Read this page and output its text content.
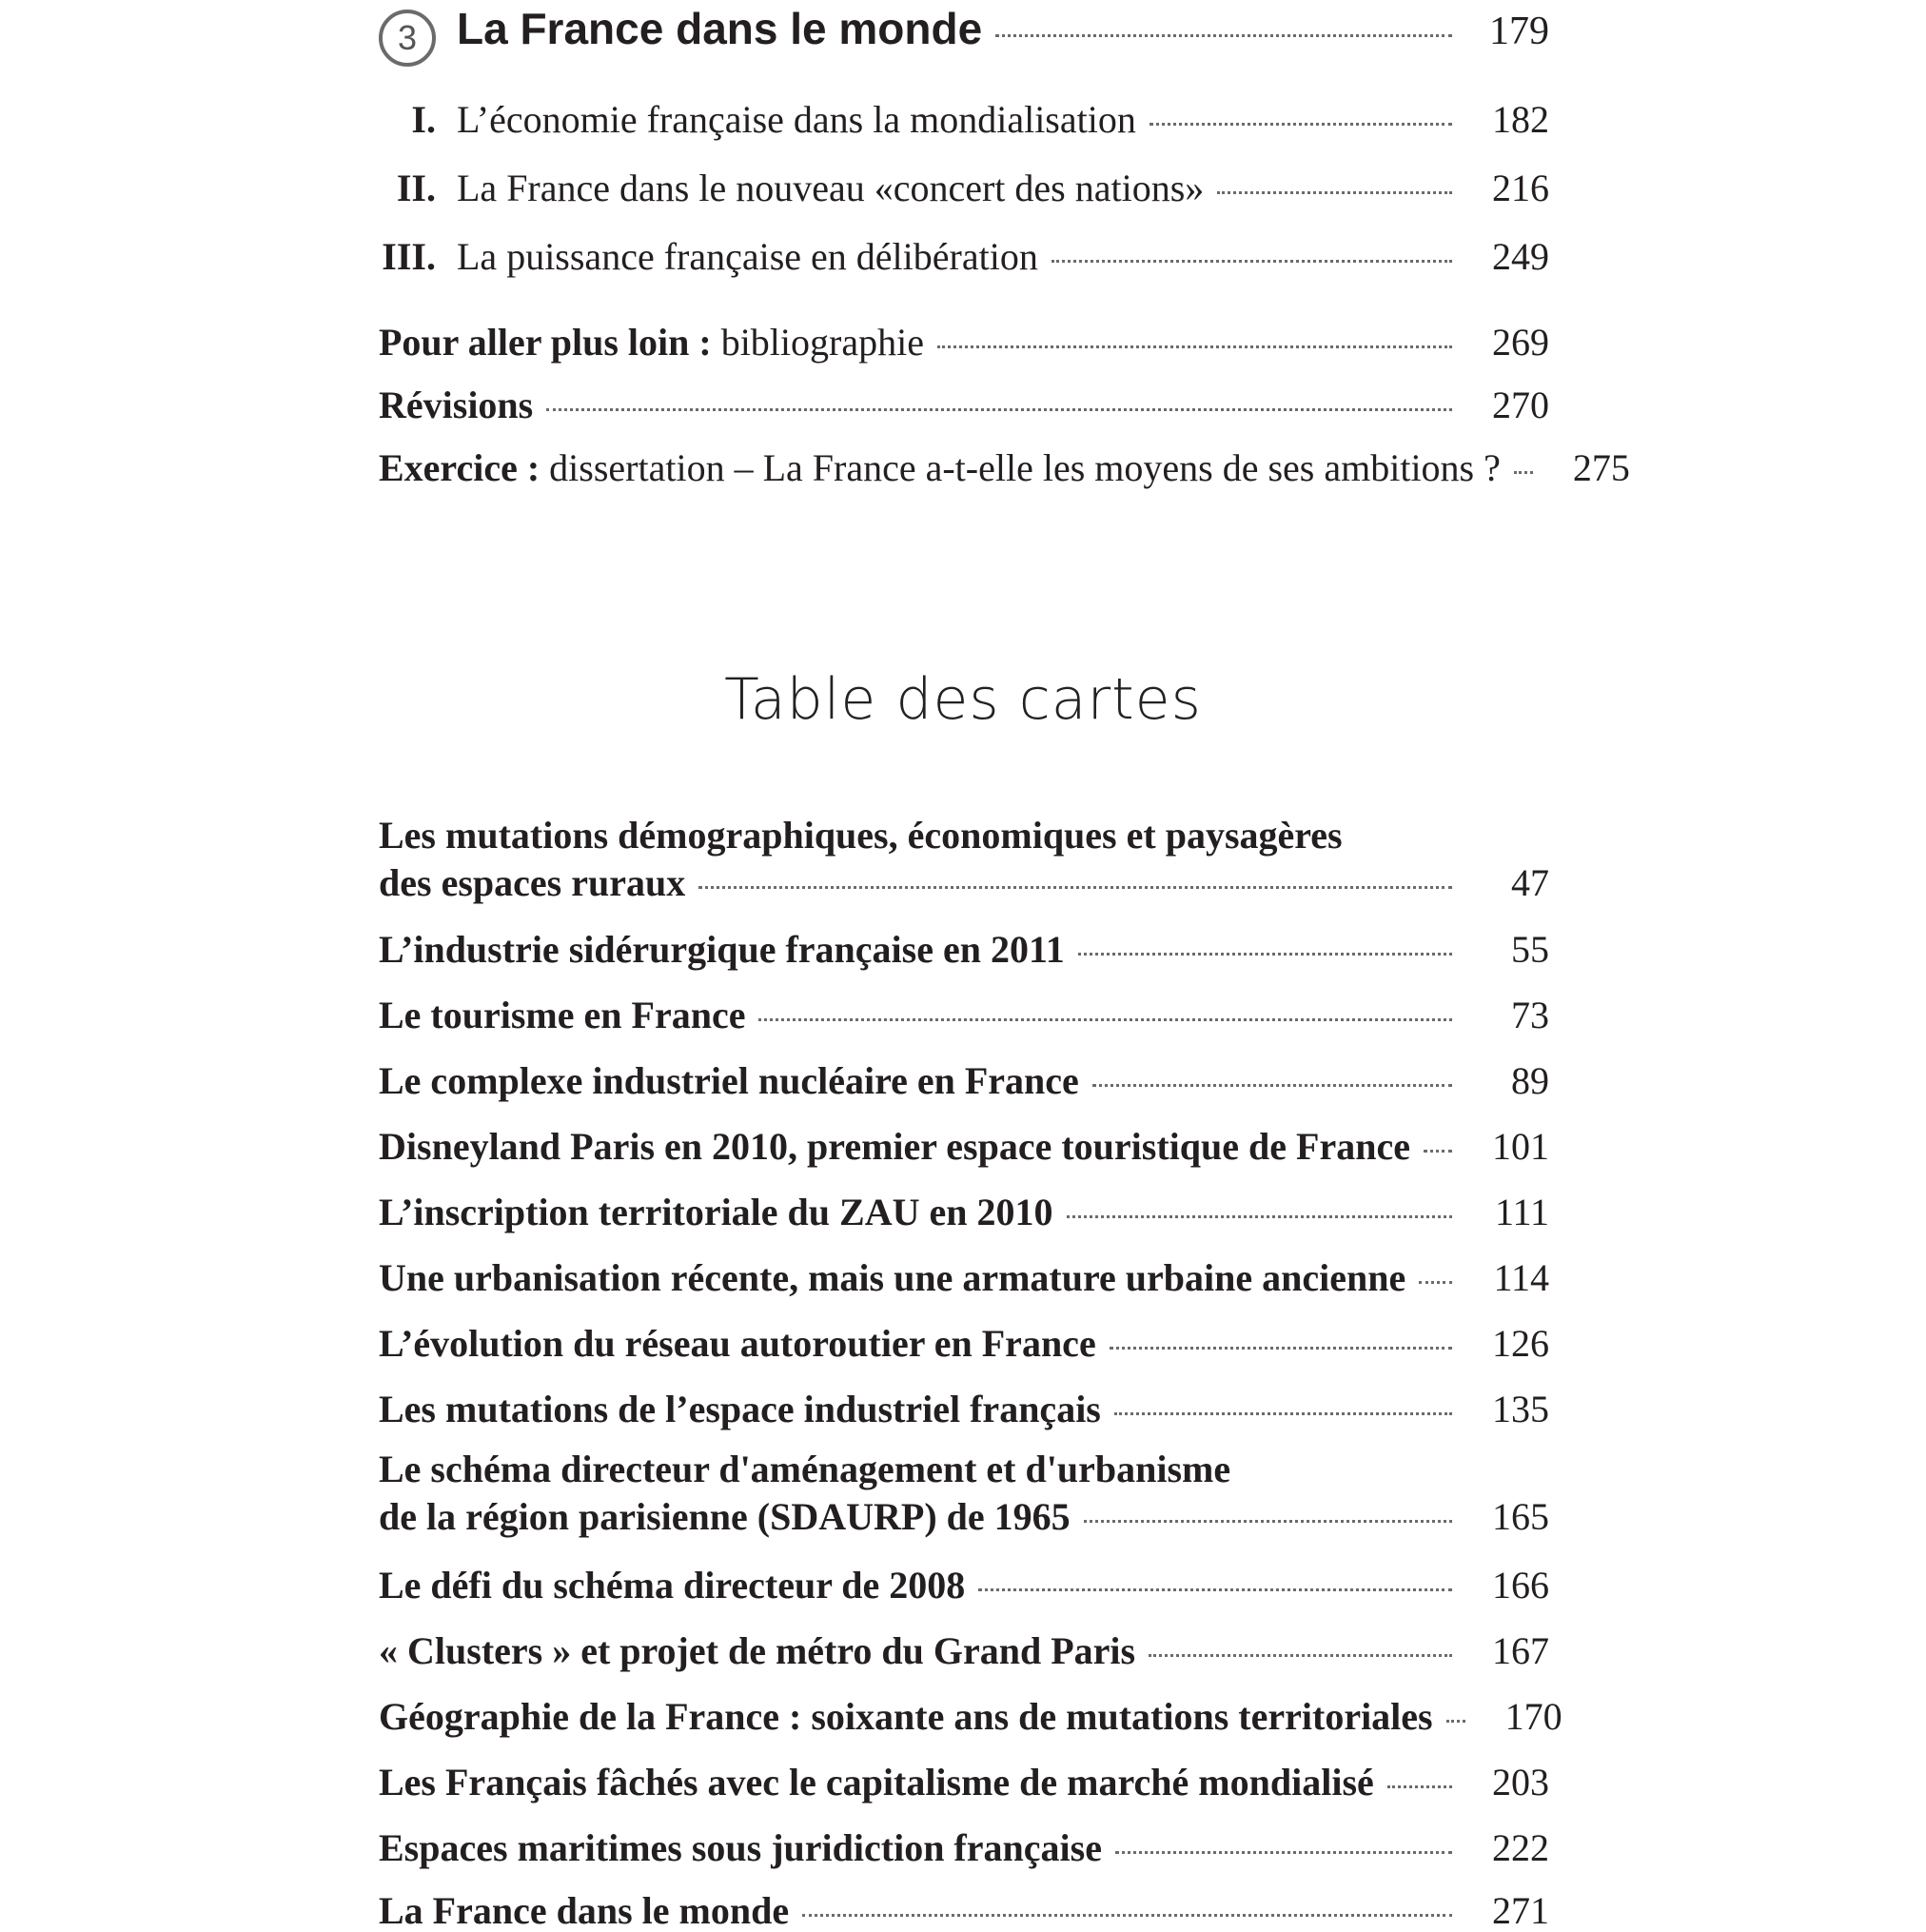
3 La France dans le monde	179
I. L’économie française dans la mondialisation	182
II. La France dans le nouveau «concert des nations»	216
III. La puissance française en délibération	249
Pour aller plus loin : bibliographie	269
Révisions	270
Exercice : dissertation – La France a-t-elle les moyens de ses ambitions ?	275
Table des cartes
Les mutations démographiques, économiques et paysagères
des espaces ruraux	47
L’industrie sidérurgique française en 2011	55
Le tourisme en France	73
Le complexe industriel nucléaire en France	89
Disneyland Paris en 2010, premier espace touristique de France	101
L’inscription territoriale du ZAU en 2010	111
Une urbanisation récente, mais une armature urbaine ancienne	114
L’évolution du réseau autoroutier en France	126
Les mutations de l’espace industriel français	135
Le schéma directeur d'aménagement et d'urbanisme
de la région parisienne (SDAURP) de 1965	165
Le défi du schéma directeur de 2008	166
« Clusters » et projet de métro du Grand Paris	167
Géographie de la France : soixante ans de mutations territoriales	170
Les Français fâchés avec le capitalisme de marché mondialisé	203
Espaces maritimes sous juridiction française	222
La France dans le monde	271
